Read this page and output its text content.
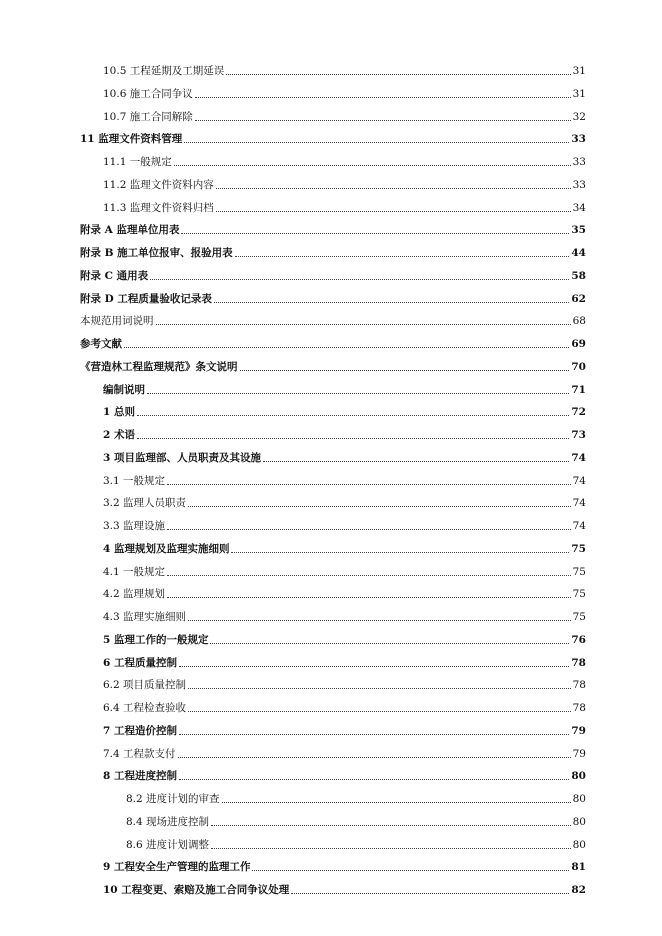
10.5 工程延期及工期延误	31
10.6 施工合同争议	31
10.7 施工合同解除	32
11 监理文件资料管理	33
11.1 一般规定	33
11.2 监理文件资料内容	33
11.3 监理文件资料归档	34
附录 A 监理单位用表	35
附录 B 施工单位报审、报验用表	44
附录 C 通用表	58
附录 D 工程质量验收记录表	62
本规范用词说明	68
参考文献	69
《营造林工程监理规范》条文说明	70
编制说明	71
1 总则	72
2 术语	73
3 项目监理部、人员职责及其设施	74
3.1 一般规定	74
3.2 监理人员职责	74
3.3 监理设施	74
4 监理规划及监理实施细则	75
4.1 一般规定	75
4.2 监理规划	75
4.3 监理实施细则	75
5 监理工作的一般规定	76
6 工程质量控制	78
6.2 项目质量控制	78
6.4 工程检查验收	78
7 工程造价控制	79
7.4 工程款支付	79
8 工程进度控制	80
8.2 进度计划的审查	80
8.4 现场进度控制	80
8.6 进度计划调整	80
9 工程安全生产管理的监理工作	81
10 工程变更、索赔及施工合同争议处理	82
